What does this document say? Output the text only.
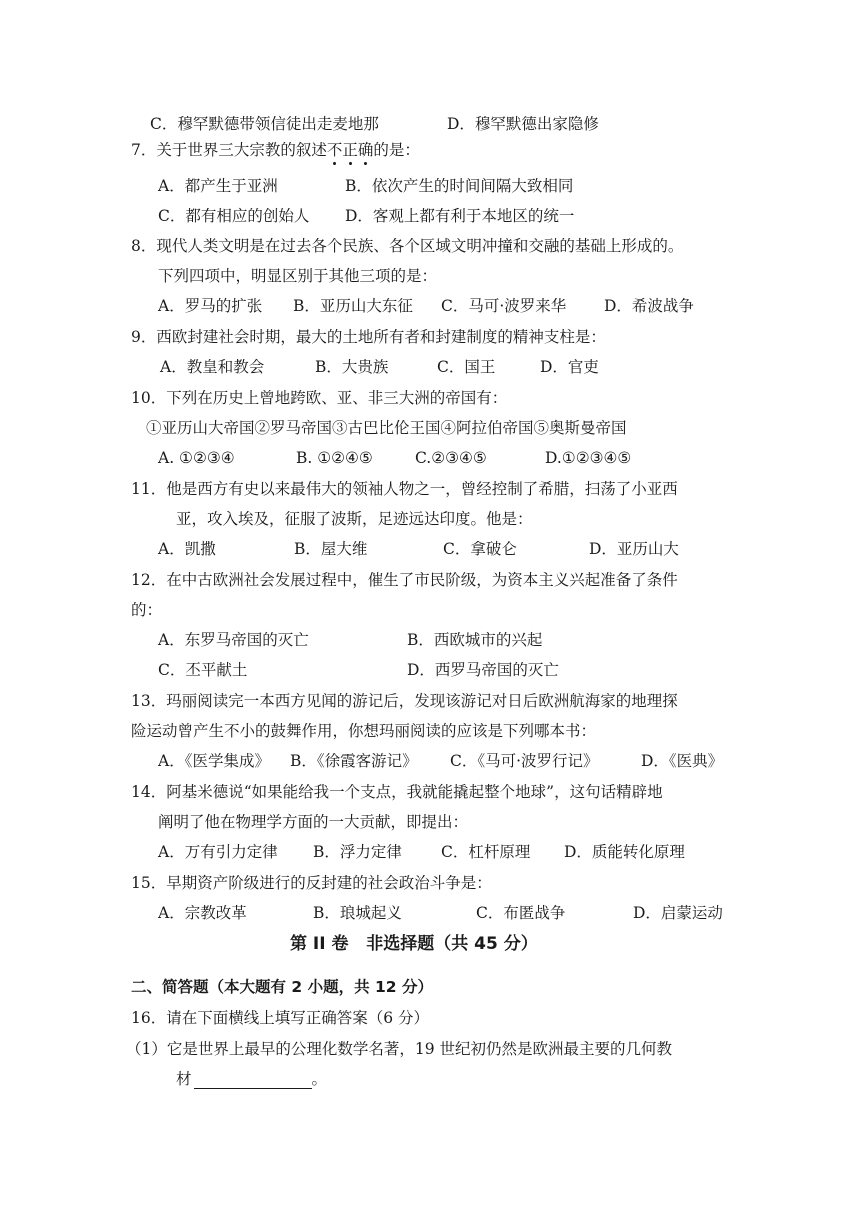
C．穆罕默德带领信徒出走麦地那	D．穆罕默德出家隐修
7．关于世界三大宗教的叙述不
正
确
的是：
A．都产生于亚洲	B．依次产生的时间间隔大致相同
C．都有相应的创始人 D．客观上都有利于本地区的统一
8．现代人类文明是在过去各个民族、各个区域文明冲撞和交融的基础上形成的。
下列四项中，明显区别于其他三项的是：
A．罗马的扩张 B．亚历山大东征 C．马可·波罗来华 D．希波战争
9．西欧封建社会时期，最大的土地所有者和封建制度的精神支柱是：
A．教皇和教会	B．大贵族	C．国王	D．官吏
10．下列在历史上曾地跨欧、亚、非三大洲的帝国有：
①亚历山大帝国②罗马帝国③古巴比伦王国④阿拉伯帝国⑤奥斯曼帝国
A. ①②③④	B. ①②④⑤	C.②③④⑤	D.①②③④⑤
11．他是西方有史以来最伟大的领袖人物之一，曾经控制了希腊，扫荡了小亚西
亚，攻入埃及，征服了波斯，足迹远达印度。他是：
A．凯撒	B．屋大维	C．拿破仑	D．亚历山大
12．在中古欧洲社会发展过程中，催生了市民阶级，为资本主义兴起准备了条件
的：
A．东罗马帝国的灭亡	B．西欧城市的兴起
C．丕平献土	D．西罗马帝国的灭亡
13．玛丽阅读完一本西方见闻的游记后，发现该游记对日后欧洲航海家的地理探
险运动曾产生不小的鼓舞作用，你想玛丽阅读的应该是下列哪本书：
A．《医学集成》 B．《徐霞客游记》 C．《马可·波罗行记》	D．《医典》
14．阿基米德说“如果能给我一个支点，我就能撬起整个地球”，这句话精辟地
阐明了他在物理学方面的一大贡献，即提出：
A．万有引力定律 B．浮力定律	C．杠杆原理 D．质能转化原理
15．早期资产阶级进行的反封建的社会政治斗争是：
A．宗教改革	B．琅城起义	C．布匿战争	D．启蒙运动
第 II 卷   非选择题（共 45 分）
二、简答题（本大题有 2 小题，共 12 分）
16．请在下面横线上填写正确答案（6 分）
（1）它是世界上最早的公理化数学名著，19 世纪初仍然是欧洲最主要的几何教
材	。
